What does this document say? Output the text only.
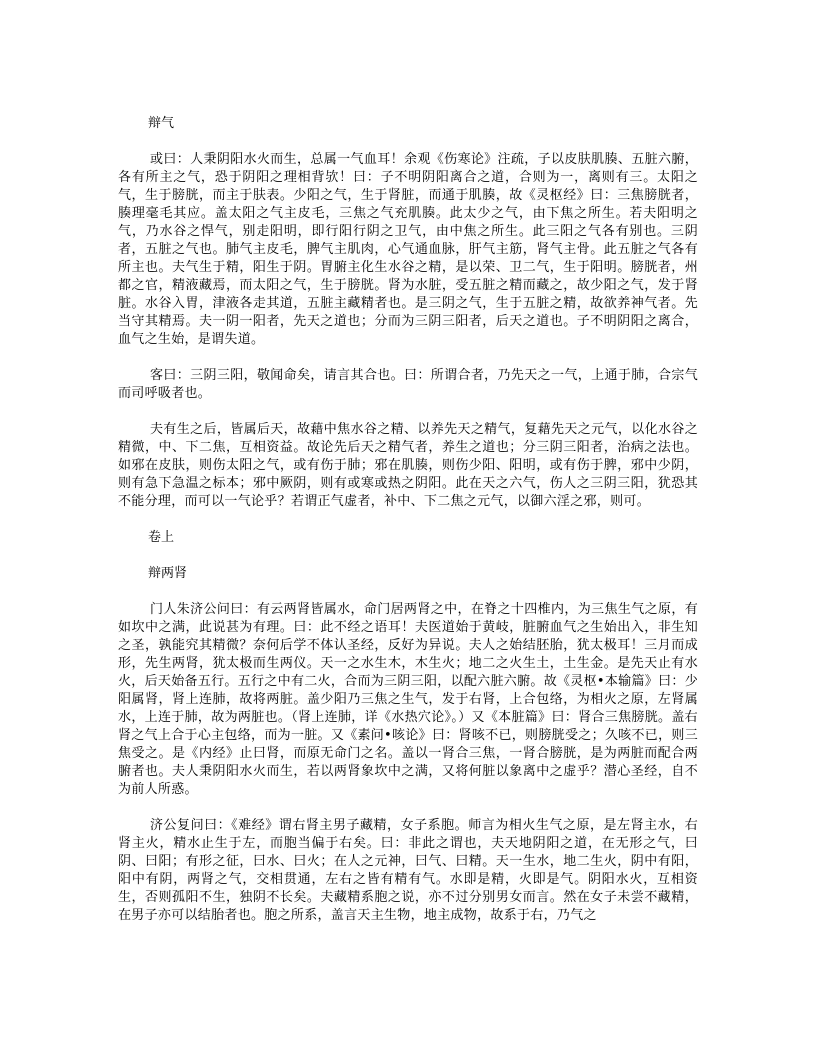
辩气

或曰：人秉阴阳水火而生，总属一气血耳！余观《伤寒论》注疏，子以皮肤肌腠、五脏六腑，各有所主之气，恐于阴阳之理相背欤！曰：子不明阴阳离合之道，合则为一，离则有三。太阳之气，生于膀胱，而主于肤表。少阳之气，生于肾脏，而通于肌腠，故《灵枢经》曰：三焦膀胱者，腠理毫毛其应。盖太阳之气主皮毛，三焦之气充肌腠。此太少之气，由下焦之所生。若夫阳明之气，乃水谷之悍气，别走阳明，即行阳行阴之卫气，由中焦之所生。此三阳之气各有别也。三阴者，五脏之气也。肺气主皮毛，脾气主肌肉，心气通血脉，肝气主筋，肾气主骨。此五脏之气各有所主也。夫气生于精，阳生于阴。胃腑主化生水谷之精，是以荣、卫二气，生于阳明。膀胱者，州都之官，精液藏焉，而太阳之气，生于膀胱。肾为水脏，受五脏之精而藏之，故少阳之气，发于肾脏。水谷入胃，津液各走其道，五脏主藏精者也。是三阴之气，生于五脏之精，故欲养神气者。先当守其精焉。夫一阴一阳者，先天之道也；分而为三阴三阳者，后天之道也。子不明阴阳之离合，血气之生始，是谓失道。

客曰：三阴三阳，敬闻命矣，请言其合也。曰：所谓合者，乃先天之一气，上通于肺，合宗气而司呼吸者也。

夫有生之后，皆属后天，故藉中焦水谷之精、以养先天之精气，复藉先天之元气，以化水谷之精微，中、下二焦，互相资益。故论先后天之精气者，养生之道也；分三阴三阳者，治病之法也。如邪在皮肤，则伤太阳之气，或有伤于肺；邪在肌腠，则伤少阳、阳明，或有伤于脾，邪中少阴，则有急下急温之标本；邪中厥阴，则有或寒或热之阴阳。此在天之六气，伤人之三阴三阳，犹恐其不能分理，而可以一气论乎？若谓正气虚者，补中、下二焦之元气，以御六淫之邪，则可。

卷上
辩两肾

门人朱济公问曰：有云两肾皆属水，命门居两肾之中，在脊之十四椎内，为三焦生气之原，有如坎中之满，此说甚为有理。曰：此不经之语耳！夫医道始于黄岐，脏腑血气之生始出入，非生知之圣，孰能究其精微？奈何后学不体认圣经，反好为异说。夫人之始结胚胎，犹太极耳！三月而成形，先生两肾，犹太极而生两仪。天一之水生木，木生火；地二之火生土，土生金。是先天止有水火，后天始备五行。五行之中有二火，合而为三阴三阳，以配六脏六腑。故《灵枢•本输篇》曰：少阳属肾，肾上连肺，故将两脏。盖少阳乃三焦之生气，发于右肾，上合包络，为相火之原，左肾属水，上连于肺，故为两脏也。（肾上连肺，详《水热穴论》。）又《本脏篇》曰：肾合三焦膀胱。盖右肾之气上合于心主包络，而为一脏。又《素问•咳论》曰：肾咳不已，则膀胱受之；久咳不已，则三焦受之。是《内经》止曰肾，而原无命门之名。盖以一肾合三焦，一肾合膀胱，是为两脏而配合两腑者也。夫人秉阴阳水火而生，若以两肾象坎中之满，又将何脏以象离中之虚乎？潜心圣经，自不为前人所惑。

济公复问曰：《难经》谓右肾主男子藏精，女子系胞。师言为相火生气之原，是左肾主水，右肾主火，精水止生于左，而胞当偏于右矣。曰：非此之谓也，夫天地阴阳之道，在无形之气，曰阴、曰阳；有形之征，曰水、曰火；在人之元神，曰气、曰精。天一生水，地二生火，阴中有阳，阳中有阴，两肾之气，交相贯通，左右之皆有精有气。水即是精，火即是气。阴阳水火，互相资生，否则孤阳不生，独阴不长矣。夫藏精系胞之说，亦不过分别男女而言。然在女子未尝不藏精，在男子亦可以结胎者也。胞之所系，盖言天主生物，地主成物，故系于右，乃气之
